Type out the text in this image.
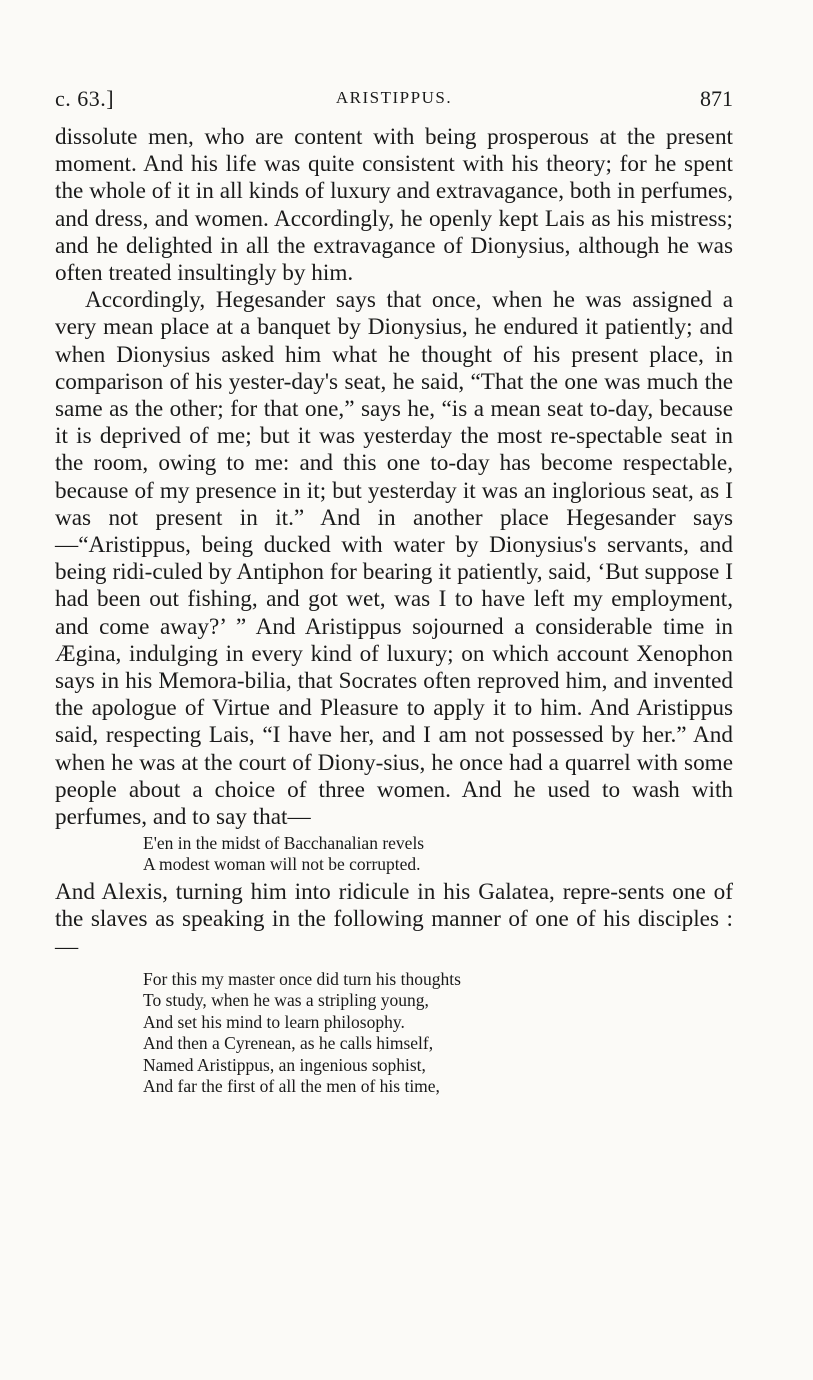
c. 63.]	ARISTIPPUS.	871

dissolute men, who are content with being prosperous at the present moment. And his life was quite consistent with his theory; for he spent the whole of it in all kinds of luxury and extravagance, both in perfumes, and dress, and women. Accordingly, he openly kept Lais as his mistress; and he delighted in all the extravagance of Dionysius, although he was often treated insultingly by him.

Accordingly, Hegesander says that once, when he was assigned a very mean place at a banquet by Dionysius, he endured it patiently; and when Dionysius asked him what he thought of his present place, in comparison of his yester-day's seat, he said, “That the one was much the same as the other; for that one,” says he, “is a mean seat to-day, because it is deprived of me; but it was yesterday the most re-spectable seat in the room, owing to me: and this one to-day has become respectable, because of my presence in it; but yesterday it was an inglorious seat, as I was not present in it.” And in another place Hegesander says—“Aristippus, being ducked with water by Dionysius's servants, and being ridi-culed by Antiphon for bearing it patiently, said, ‘But suppose I had been out fishing, and got wet, was I to have left my employment, and come away?’ ” And Aristippus sojourned a considerable time in Ægina, indulging in every kind of luxury; on which account Xenophon says in his Memora-bilia, that Socrates often reproved him, and invented the apologue of Virtue and Pleasure to apply it to him. And Aristippus said, respecting Lais, “I have her, and I am not possessed by her.” And when he was at the court of Diony-sius, he once had a quarrel with some people about a choice of three women. And he used to wash with perfumes, and to say that—

E'en in the midst of Bacchanalian revels
A modest woman will not be corrupted.

And Alexis, turning him into ridicule in his Galatea, repre-sents one of the slaves as speaking in the following manner of one of his disciples :—

For this my master once did turn his thoughts
To study, when he was a stripling young,
And set his mind to learn philosophy.
And then a Cyrenean, as he calls himself,
Named Aristippus, an ingenious sophist,
And far the first of all the men of his time,
